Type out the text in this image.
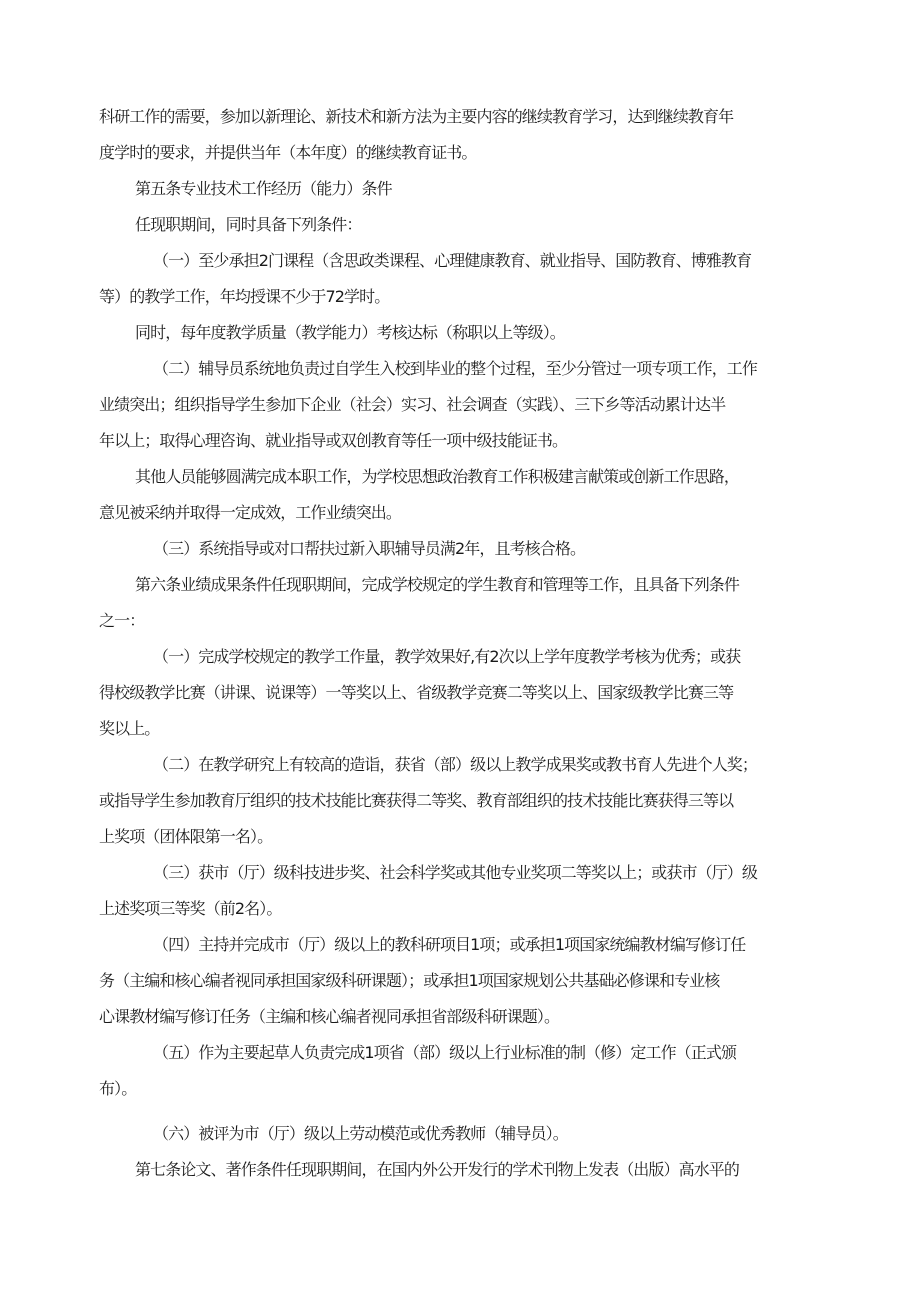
科研工作的需要，参加以新理论、新技术和新方法为主要内容的继续教育学习，达到继续教育年
度学时的要求，并提供当年（本年度）的继续教育证书。
第五条专业技术工作经历（能力）条件
任现职期间，同时具备下列条件：
（一）至少承担2门课程（含思政类课程、心理健康教育、就业指导、国防教育、博雅教育
等）的教学工作，年均授课不少于72学时。
同时，每年度教学质量（教学能力）考核达标（称职以上等级）。
（二）辅导员系统地负责过自学生入校到毕业的整个过程，至少分管过一项专项工作，工作
业绩突出；组织指导学生参加下企业（社会）实习、社会调查（实践）、三下乡等活动累计达半
年以上；取得心理咨询、就业指导或双创教育等任一项中级技能证书。
其他人员能够圆满完成本职工作，为学校思想政治教育工作积极建言献策或创新工作思路，
意见被采纳并取得一定成效，工作业绩突出。
（三）系统指导或对口帮扶过新入职辅导员满2年，且考核合格。
第六条业绩成果条件任现职期间，完成学校规定的学生教育和管理等工作，且具备下列条件
之一：
（一）完成学校规定的教学工作量，教学效果好,有2次以上学年度教学考核为优秀；或获
得校级教学比赛（讲课、说课等）一等奖以上、省级教学竞赛二等奖以上、国家级教学比赛三等
奖以上。
（二）在教学研究上有较高的造诣，获省（部）级以上教学成果奖或教书育人先进个人奖；
或指导学生参加教育厅组织的技术技能比赛获得二等奖、教育部组织的技术技能比赛获得三等以
上奖项（团体限第一名）。
（三）获市（厅）级科技进步奖、社会科学奖或其他专业奖项二等奖以上；或获市（厅）级
上述奖项三等奖（前2名）。
（四）主持并完成市（厅）级以上的教科研项目1项；或承担1项国家统编教材编写修订任
务（主编和核心编者视同承担国家级科研课题）；或承担1项国家规划公共基础必修课和专业核
心课教材编写修订任务（主编和核心编者视同承担省部级科研课题）。
（五）作为主要起草人负责完成1项省（部）级以上行业标准的制（修）定工作（正式颁
布）。
（六）被评为市（厅）级以上劳动模范或优秀教师（辅导员）。
第七条论文、著作条件任现职期间，在国内外公开发行的学术刊物上发表（出版）高水平的
